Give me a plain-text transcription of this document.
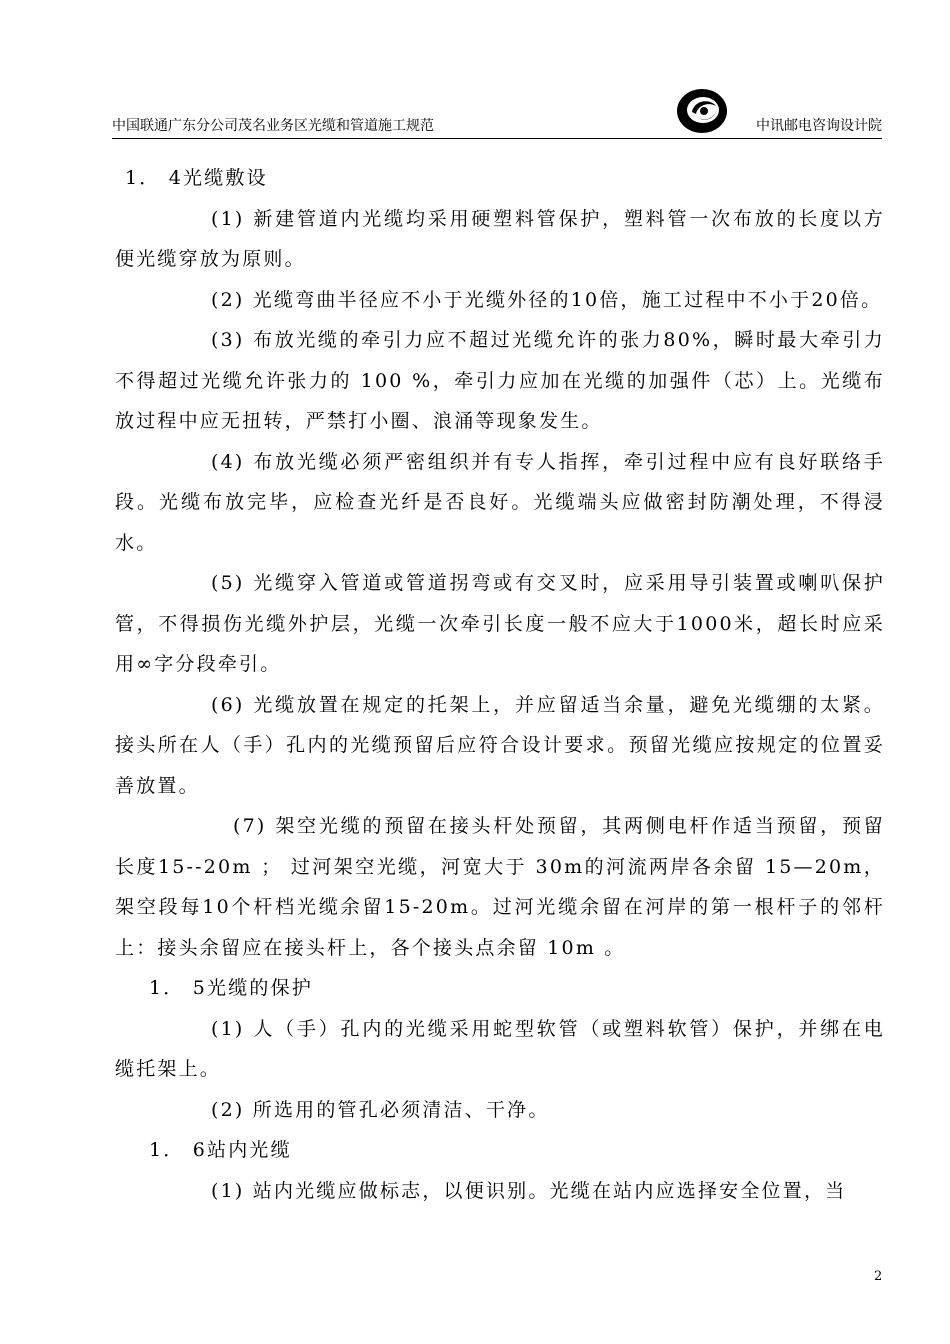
中国联通广东分公司茂名业务区光缆和管道施工规范	中讯邮电咨询设计院

1． 4光缆敷设

(1) 新建管道内光缆均采用硬塑料管保护，塑料管一次布放的长度以方便光缆穿放为原则。

(2) 光缆弯曲半径应不小于光缆外径的10倍，施工过程中不小于20倍。

(3) 布放光缆的牵引力应不超过光缆允许的张力80%，瞬时最大牵引力不得超过光缆允许张力的 100 %，牵引力应加在光缆的加强件（芯）上。光缆布放过程中应无扭转，严禁打小圈、浪涌等现象发生。

(4) 布放光缆必须严密组织并有专人指挥，牵引过程中应有良好联络手段。光缆布放完毕，应检查光纤是否良好。光缆端头应做密封防潮处理，不得浸水。

(5) 光缆穿入管道或管道拐弯或有交叉时，应采用导引装置或喇叭保护管，不得损伤光缆外护层，光缆一次牵引长度一般不应大于1000米，超长时应采用∞字分段牵引。

(6) 光缆放置在规定的托架上，并应留适当余量，避免光缆绷的太紧。接头所在人（手）孔内的光缆预留后应符合设计要求。预留光缆应按规定的位置妥善放置。

(7) 架空光缆的预留在接头杆处预留，其两侧电杆作适当预留，预留长度15--20m ； 过河架空光缆，河宽大于 30m的河流两岸各余留 15—20m，架空段每10个杆档光缆余留15-20m。过河光缆余留在河岸的第一根杆子的邻杆上：接头余留应在接头杆上，各个接头点余留 10m 。

1． 5光缆的保护

(1) 人（手）孔内的光缆采用蛇型软管（或塑料软管）保护，并绑在电缆托架上。

(2) 所选用的管孔必须清洁、干净。

1． 6站内光缆

(1) 站内光缆应做标志，以便识别。光缆在站内应选择安全位置，当

2
